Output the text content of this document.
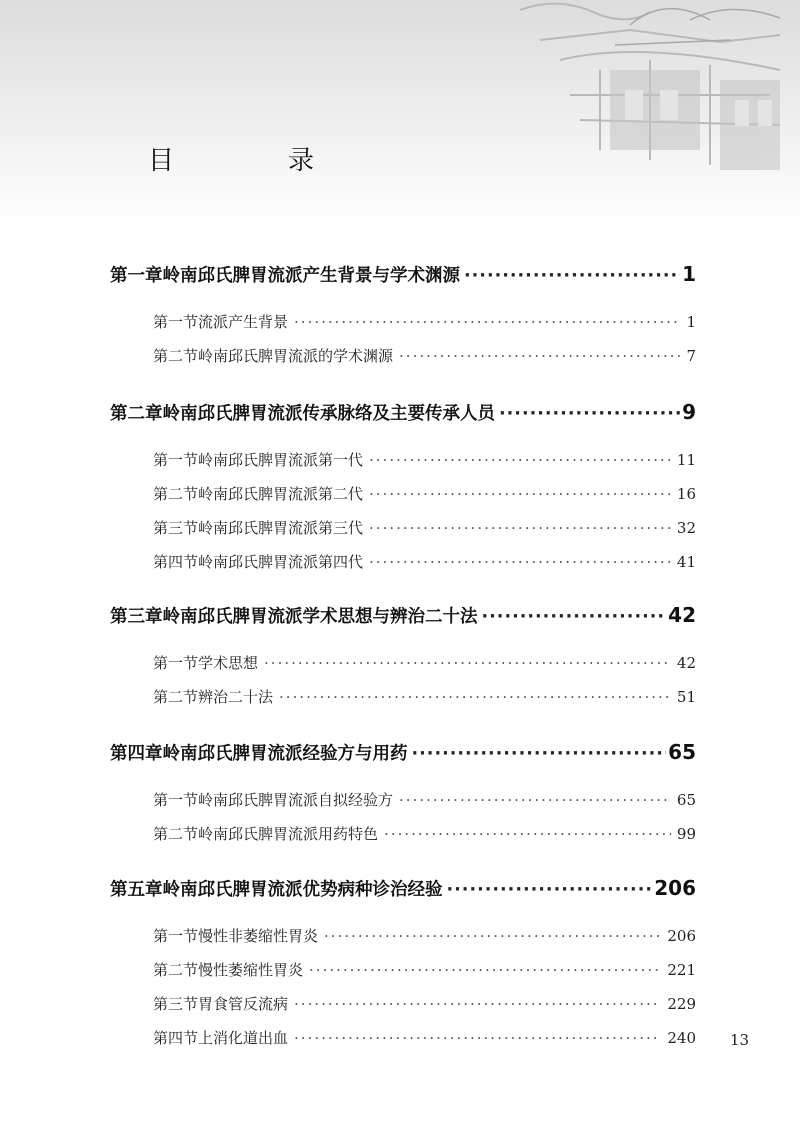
目　录
第一章 岭南邱氏脾胃流派产生背景与学术渊源 ·····	1
第一节 流派产生背景 ·····	1
第二节 岭南邱氏脾胃流派的学术渊源 ·····	7
第二章 岭南邱氏脾胃流派传承脉络及主要传承人员 ·····	9
第一节 岭南邱氏脾胃流派第一代 ·····	11
第二节 岭南邱氏脾胃流派第二代 ·····	16
第三节 岭南邱氏脾胃流派第三代 ·····	32
第四节 岭南邱氏脾胃流派第四代 ·····	41
第三章 岭南邱氏脾胃流派学术思想与辨治二十法 ·····	42
第一节 学术思想 ·····	42
第二节 辨治二十法 ·····	51
第四章 岭南邱氏脾胃流派经验方与用药 ·····	65
第一节 岭南邱氏脾胃流派自拟经验方 ·····	65
第二节 岭南邱氏脾胃流派用药特色 ·····	99
第五章 岭南邱氏脾胃流派优势病种诊治经验 ·····	206
第一节 慢性非萎缩性胃炎 ·····	206
第二节 慢性萎缩性胃炎 ·····	221
第三节 胃食管反流病 ·····	229
第四节 上消化道出血 ·····	240 13
